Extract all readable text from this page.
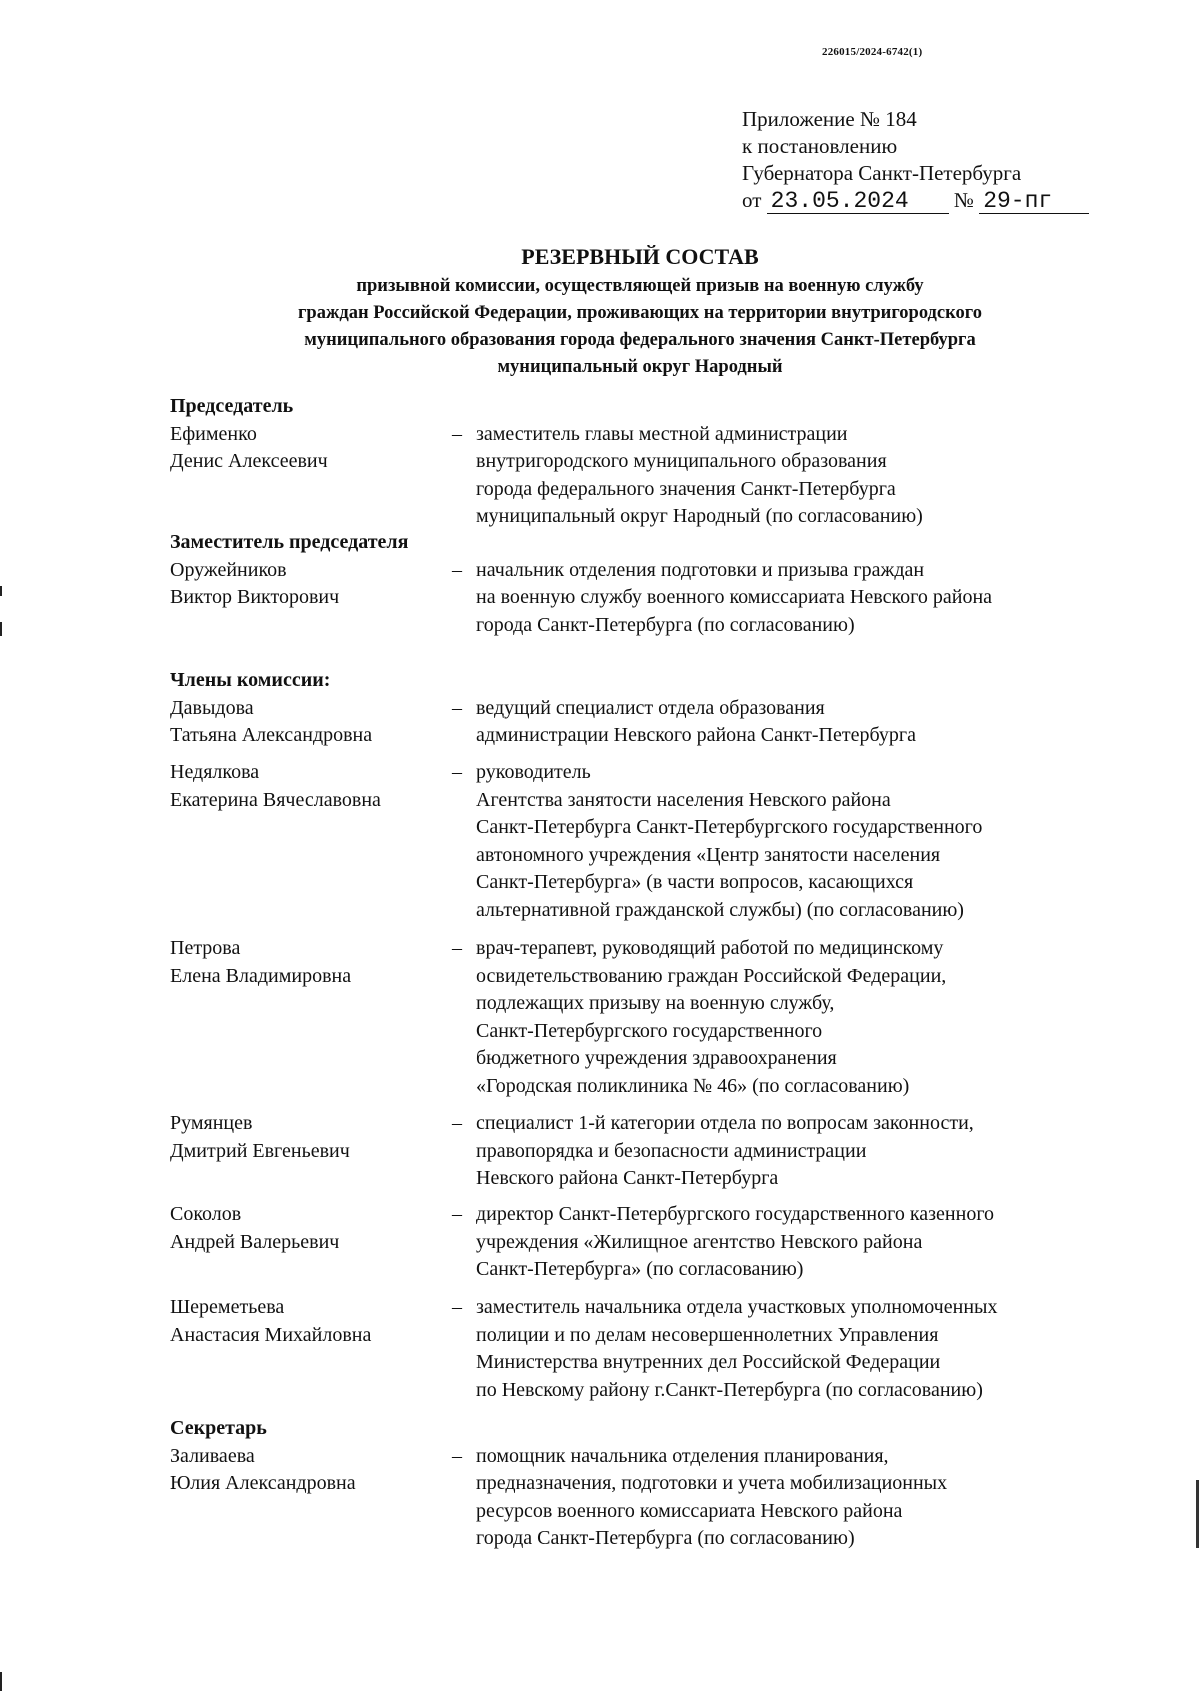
226015/2024-6742(1)
Приложение № 184
к постановлению
Губернатора Санкт-Петербурга
от 23.05.2024 № 29-пг
РЕЗЕРВНЫЙ СОСТАВ
призывной комиссии, осуществляющей призыв на военную службу
граждан Российской Федерации, проживающих на территории внутригородского
муниципального образования города федерального значения Санкт-Петербурга
муниципальный округ Народный
Председатель
Ефименко
Денис Алексеевич
– заместитель главы местной администрации
внутригородского муниципального образования
города федерального значения Санкт-Петербурга
муниципальный округ Народный (по согласованию)
Заместитель председателя
Оружейников
Виктор Викторович
– начальник отделения подготовки и призыва граждан
на военную службу военного комиссариата Невского района
города Санкт-Петербурга (по согласованию)
Члены комиссии:
Давыдова
Татьяна Александровна
– ведущий специалист отдела образования
администрации Невского района Санкт-Петербурга
Недялкова
Екатерина Вячеславовна
– руководитель
Агентства занятости населения Невского района
Санкт-Петербурга Санкт-Петербургского государственного
автономного учреждения «Центр занятости населения
Санкт-Петербурга» (в части вопросов, касающихся
альтернативной гражданской службы) (по согласованию)
Петрова
Елена Владимировна
– врач-терапевт, руководящий работой по медицинскому
освидетельствованию граждан Российской Федерации,
подлежащих призыву на военную службу,
Санкт-Петербургского государственного
бюджетного учреждения здравоохранения
«Городская поликлиника № 46» (по согласованию)
Румянцев
Дмитрий Евгеньевич
– специалист 1-й категории отдела по вопросам законности,
правопорядка и безопасности администрации
Невского района Санкт-Петербурга
Соколов
Андрей Валерьевич
– директор Санкт-Петербургского государственного казенного
учреждения «Жилищное агентство Невского района
Санкт-Петербурга» (по согласованию)
Шереметьева
Анастасия Михайловна
– заместитель начальника отдела участковых уполномоченных
полиции и по делам несовершеннолетних Управления
Министерства внутренних дел Российской Федерации
по Невскому району г.Санкт-Петербурга (по согласованию)
Секретарь
Заливаева
Юлия Александровна
– помощник начальника отделения планирования,
предназначения, подготовки и учета мобилизационных
ресурсов военного комиссариата Невского района
города Санкт-Петербурга (по согласованию)
